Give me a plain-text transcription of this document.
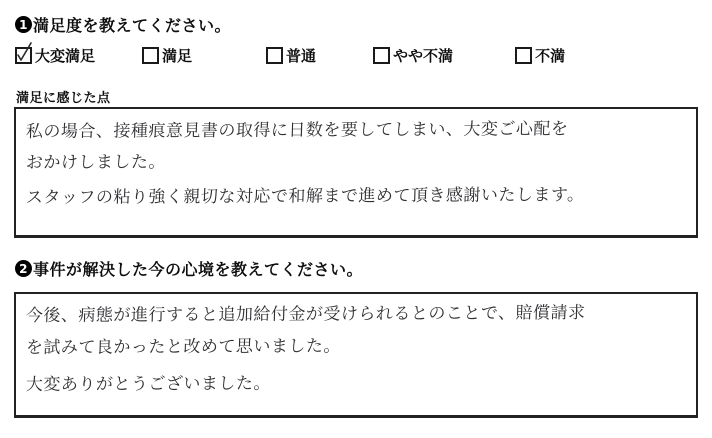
1 満足度を教えてください。
大変満足	満足	普通	やや不満	不満
満足に感じた点
私の場合、接種痕意見書の取得に日数を要してしまい、大変ご心配を
おかけしました。
スタッフの粘り強く親切な対応で和解まで進めて頂き感謝いたします。
2 事件が解決した今の心境を教えてください。
今後、病態が進行すると追加給付金が受けられるとのことで、賠償請求
を試みて良かったと改めて思いました。
大変ありがとうございました。
